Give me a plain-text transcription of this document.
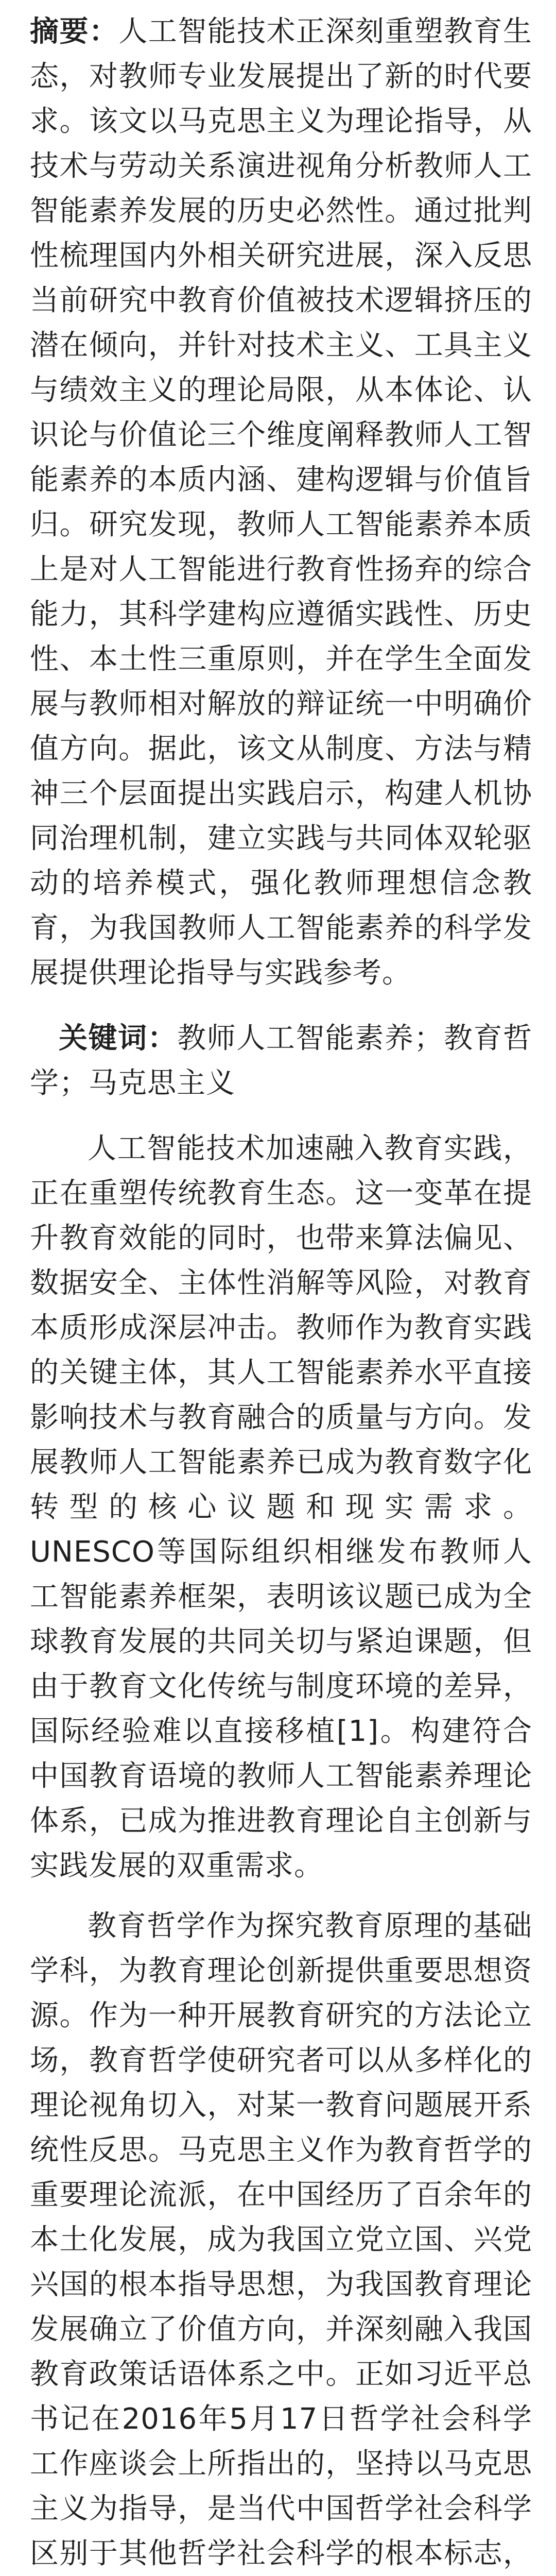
摘要：人工智能技术正深刻重塑教育生态，对教师专业发展提出了新的时代要求。该文以马克思主义为理论指导，从技术与劳动关系演进视角分析教师人工智能素养发展的历史必然性。通过批判性梳理国内外相关研究进展，深入反思当前研究中教育价值被技术逻辑挤压的潜在倾向，并针对技术主义、工具主义与绩效主义的理论局限，从本体论、认识论与价值论三个维度阐释教师人工智能素养的本质内涵、建构逻辑与价值旨归。研究发现，教师人工智能素养本质上是对人工智能进行教育性扬弃的综合能力，其科学建构应遵循实践性、历史性、本土性三重原则，并在学生全面发展与教师相对解放的辩证统一中明确价值方向。据此，该文从制度、方法与精神三个层面提出实践启示，构建人机协同治理机制，建立实践与共同体双轮驱动的培养模式，强化教师理想信念教育，为我国教师人工智能素养的科学发展提供理论指导与实践参考。

关键词：教师人工智能素养；教育哲学；马克思主义

人工智能技术加速融入教育实践，正在重塑传统教育生态。这一变革在提升教育效能的同时，也带来算法偏见、数据安全、主体性消解等风险，对教育本质形成深层冲击。教师作为教育实践的关键主体，其人工智能素养水平直接影响技术与教育融合的质量与方向。发展教师人工智能素养已成为教育数字化转型的核心议题和现实需求。UNESCO等国际组织相继发布教师人工智能素养框架，表明该议题已成为全球教育发展的共同关切与紧迫课题，但由于教育文化传统与制度环境的差异，国际经验难以直接移植[1]。构建符合中国教育语境的教师人工智能素养理论体系，已成为推进教育理论自主创新与实践发展的双重需求。

教育哲学作为探究教育原理的基础学科，为教育理论创新提供重要思想资源。作为一种开展教育研究的方法论立场，教育哲学使研究者可以从多样化的理论视角切入，对某一教育问题展开系统性反思。马克思主义作为教育哲学的重要理论流派，在中国经历了百余年的本土化发展，成为我国立党立国、兴党兴国的根本指导思想，为我国教育理论发展确立了价值方向，并深刻融入我国教育政策话语体系之中。正如习近平总书记在2016年5月17日哲学社会科学工作座谈会上所指出的，坚持以马克思主义为指导，是当代中国哲学社会科学区别于其他哲学社会科学的根本标志，
